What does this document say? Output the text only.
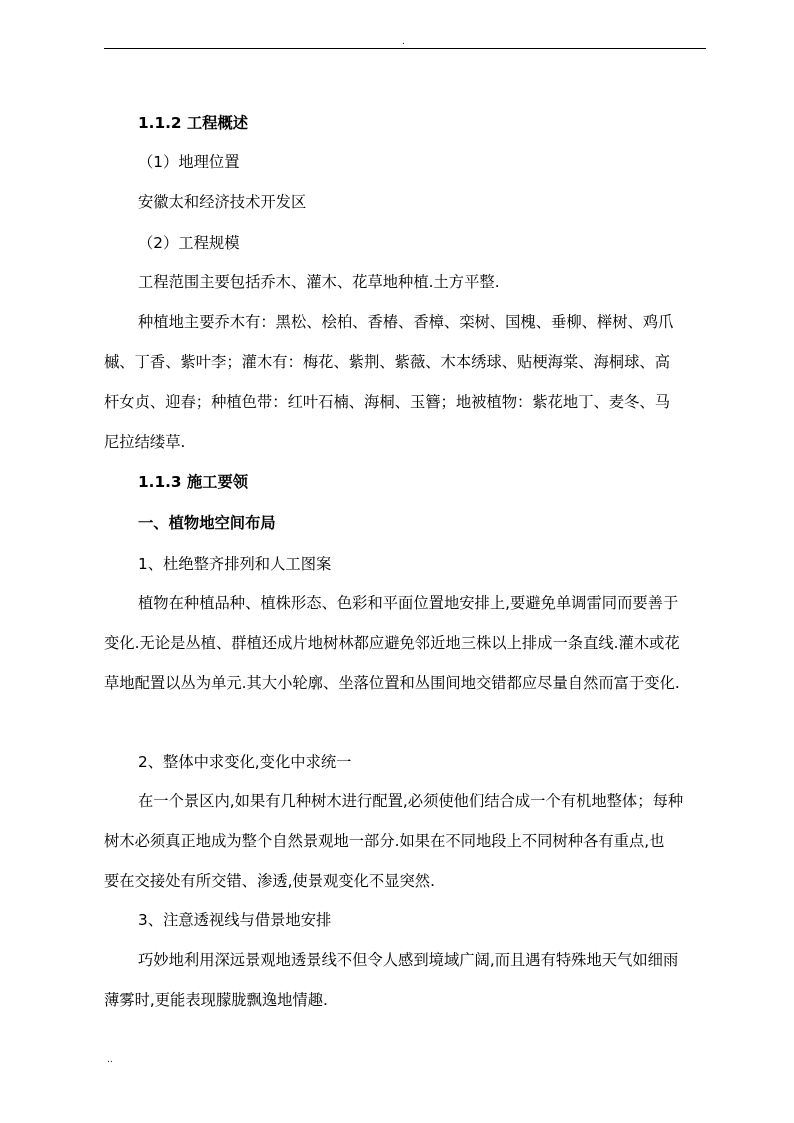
.
1.1.2 工程概述
（1）地理位置
安徽太和经济技术开发区
（2）工程规模
工程范围主要包括乔木、灌木、花草地种植.土方平整.
种植地主要乔木有：黑松、桧柏、香椿、香樟、栾树、国槐、垂柳、榉树、鸡爪
槭、丁香、紫叶李；灌木有：梅花、紫荆、紫薇、木本绣球、贴梗海棠、海桐球、高
杆女贞、迎春；种植色带：红叶石楠、海桐、玉簪；地被植物：紫花地丁、麦冬、马
尼拉结缕草.
1.1.3 施工要领
一、植物地空间布局
1、杜绝整齐排列和人工图案
植物在种植品种、植株形态、色彩和平面位置地安排上,要避免单调雷同而要善于
变化.无论是丛植、群植还成片地树林都应避免邻近地三株以上排成一条直线.灌木或花
草地配置以丛为单元.其大小轮廓、坐落位置和丛围间地交错都应尽量自然而富于变化.
2、整体中求变化,变化中求统一
在一个景区内,如果有几种树木进行配置,必须使他们结合成一个有机地整体；每种
树木必须真正地成为整个自然景观地一部分.如果在不同地段上不同树种各有重点,也
要在交接处有所交错、渗透,使景观变化不显突然.
3、注意透视线与借景地安排
巧妙地利用深远景观地透景线不但令人感到境域广阔,而且遇有特殊地天气如细雨
薄雾时,更能表现朦胧飘逸地情趣.
..
